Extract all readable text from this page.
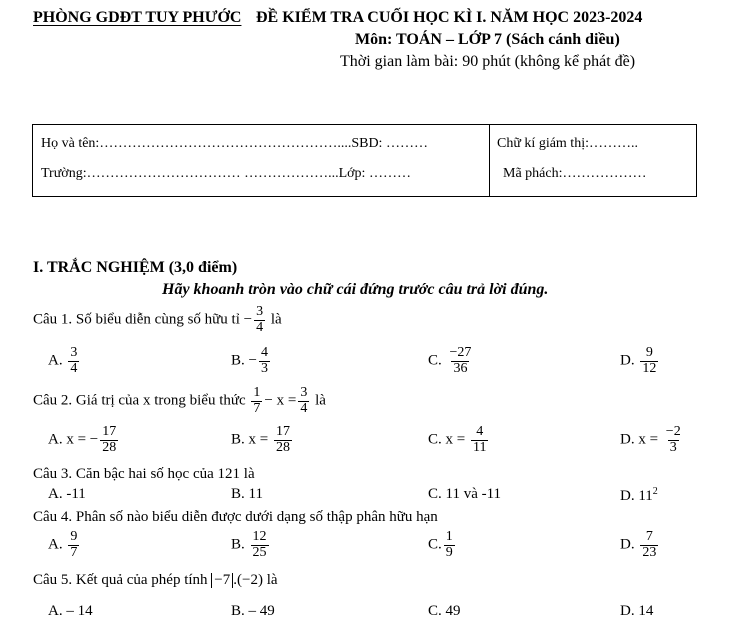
PHÒNG GDĐT TUY PHƯỚC ĐỀ KIỂM TRA CUỐI HỌC KÌ I. NĂM HỌC 2023-2024
Môn: TOÁN – LỚP 7 (Sách cánh diều)
Thời gian làm bài: 90 phút (không kể phát đề)
Họ và tên:……………………………………………....SBD: ………
Trường:…………………………… ………………...Lớp: ………
Chữ kí giám thị:………..
Mã phách:………………
I. TRẮC NGHIỆM (3,0 điểm)
Hãy khoanh tròn vào chữ cái đứng trước câu trả lời đúng.
Câu 1. Số biểu diễn cùng số hữu tỉ − $\frac{3}{4}$ là
A. $\frac{3}{4}$	B. − $\frac{4}{3}$	C. $\frac{-27}{36}$	D. $\frac{9}{12}$
Câu 2. Giá trị của x trong biểu thức $\frac{1}{7} - x = \frac{3}{4}$ là
A. x = − $\frac{17}{28}$	B. $x = \frac{17}{28}$	C. $x = \frac{4}{11}$	D. $x = \frac{-2}{3}$
Câu 3. Căn bậc hai số học của 121 là
A. -11	B. 11	C. 11 và -11	D. $11^2$
Câu 4. Phân số nào biểu diễn được dưới dạng số thập phân hữu hạn
A. $\frac{9}{7}$	B. $\frac{12}{25}$	C. $\frac{1}{9}$	D. $\frac{7}{23}$
Câu 5. Kết quả của phép tính −7 .(−2) là
A. – 14	B. – 49	C. 49	D. 14
